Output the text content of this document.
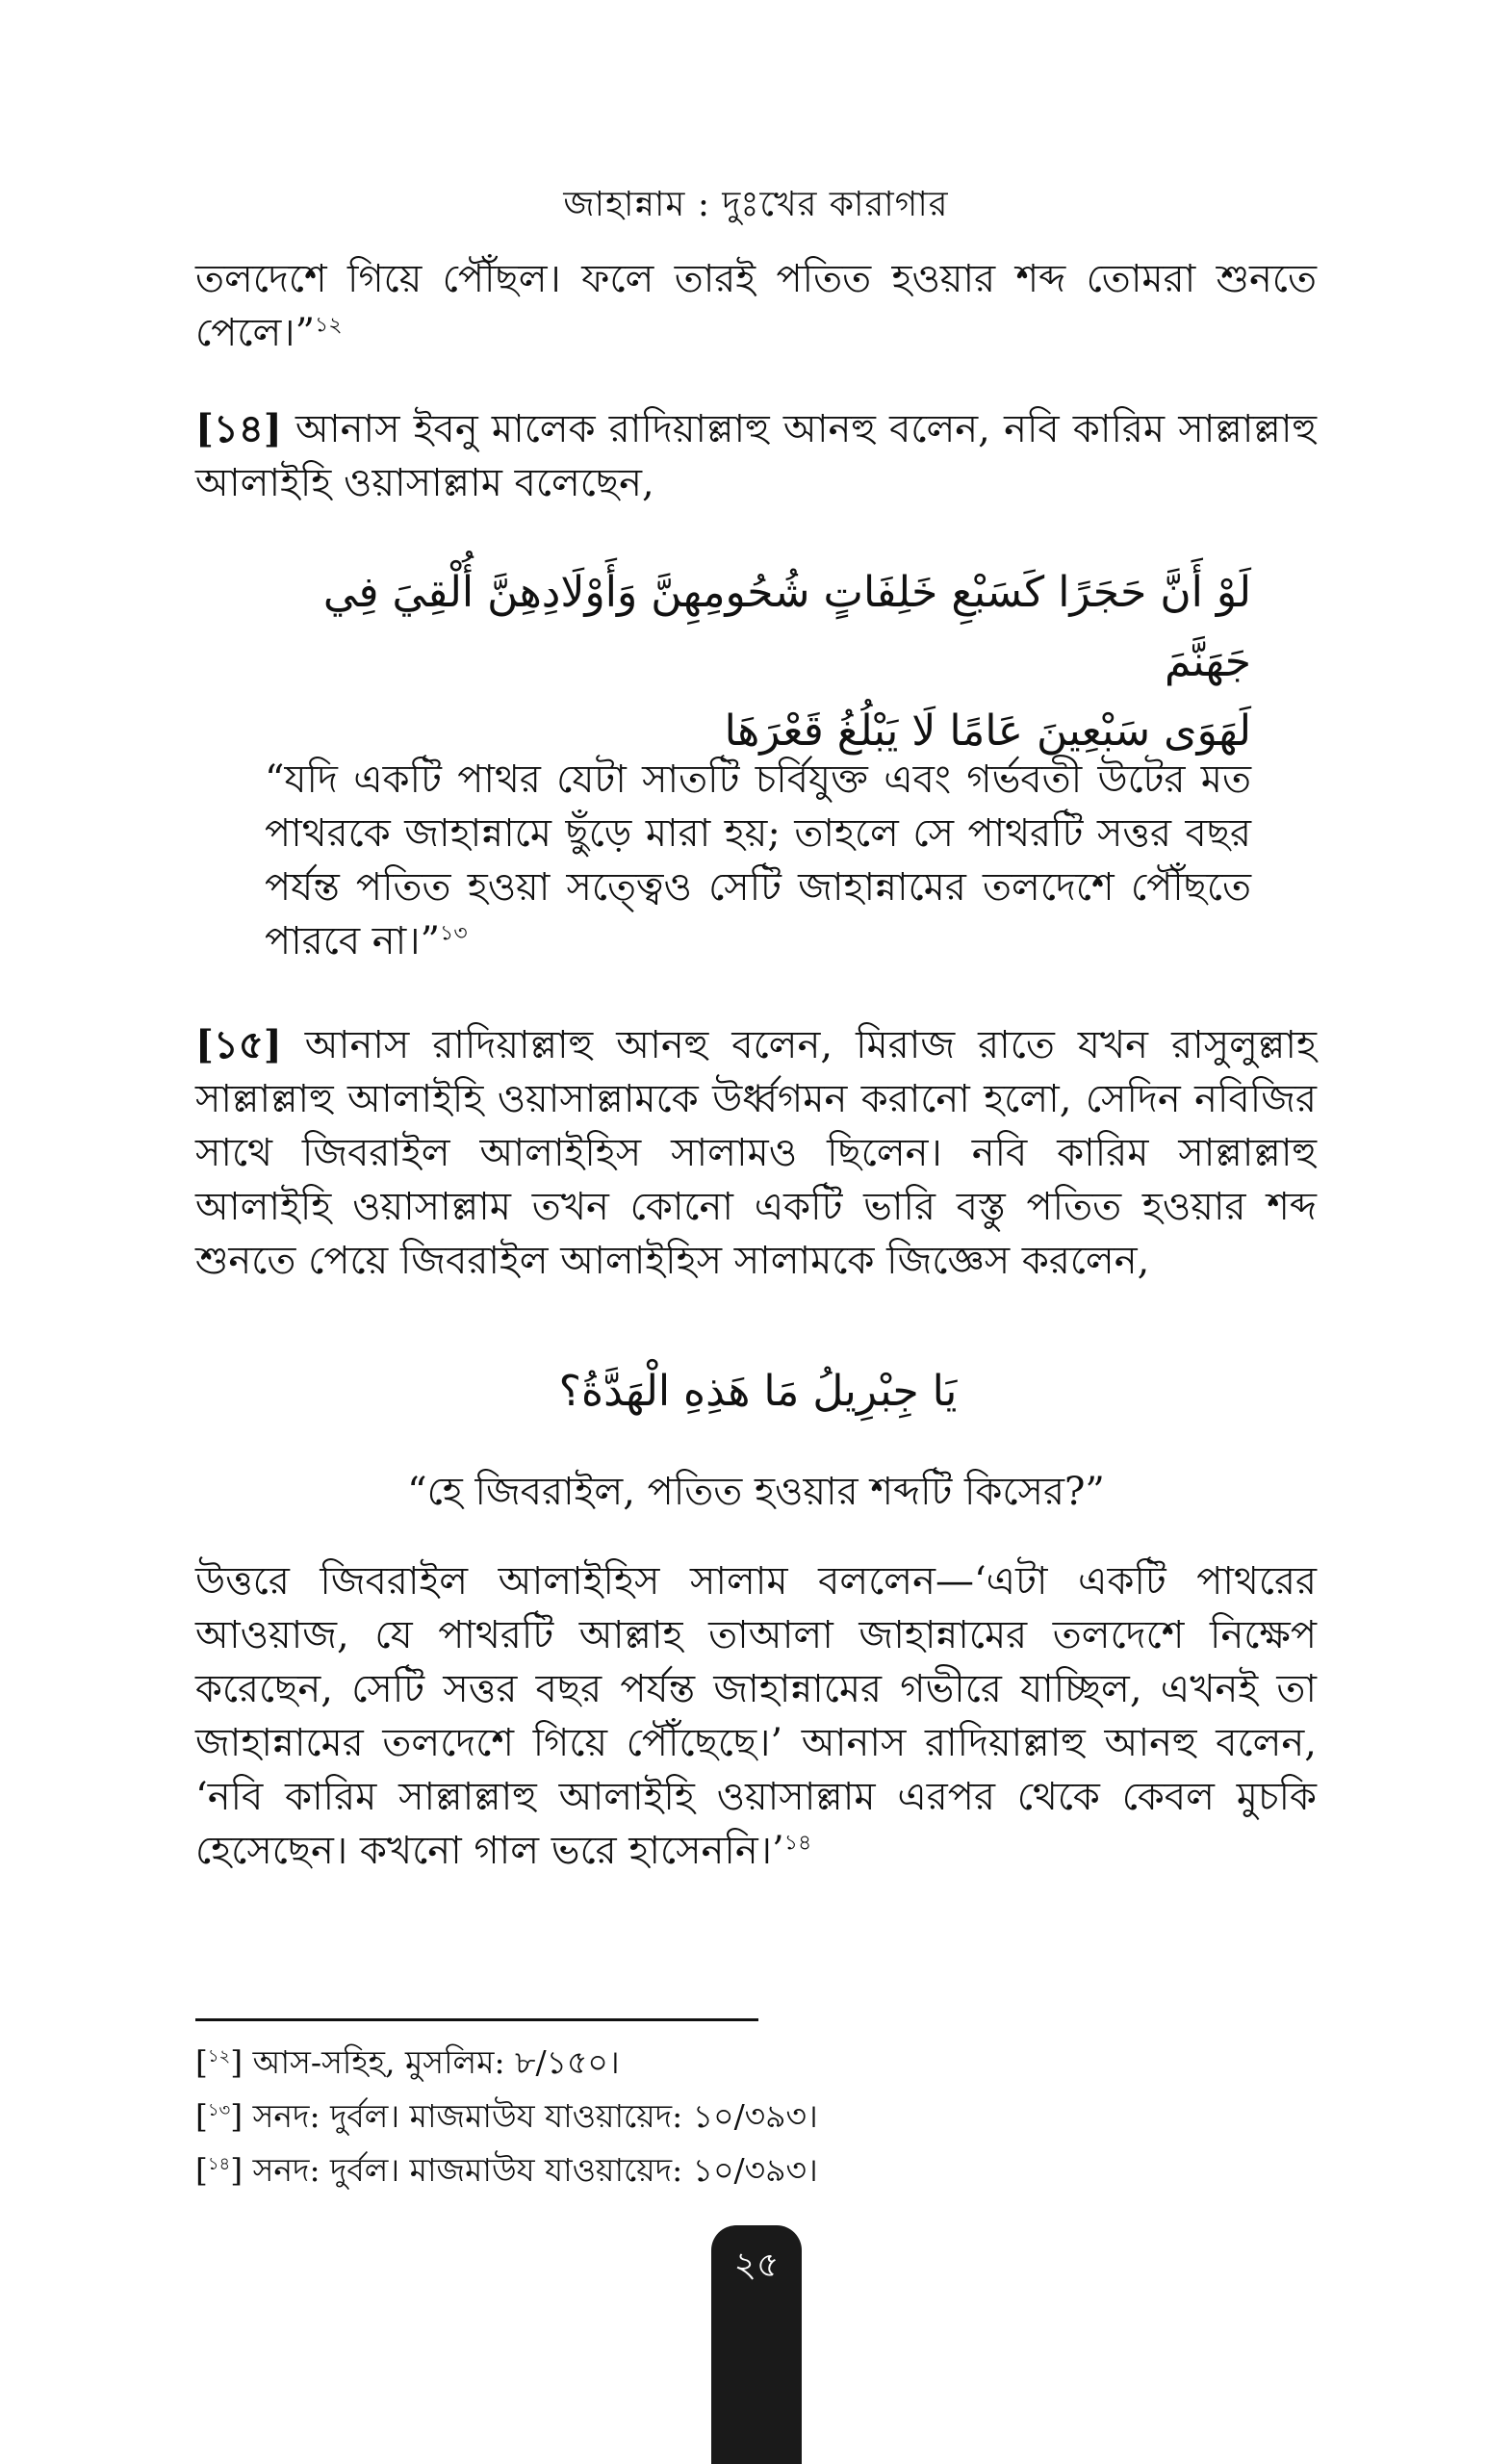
জাহান্নাম : দুঃখের কারাগার
তলদেশে গিয়ে পৌঁছল। ফলে তারই পতিত হওয়ার শব্দ তোমরা শুনতে পেলে।”$^{১২}$
[১৪] আনাস ইবনু মালেক রাদিয়াল্লাহু আনহু বলেন, নবি কারিম সাল্লাল্লাহু আলাইহি ওয়াসাল্লাম বলেছেন,
لَوْ أَنَّ حَجَرًا كَسَبْعِ خَلِفَاتٍ شُحُومِهِنَّ وَأَوْلَادِهِنَّ أُلْقِيَ فِي جَهَنَّمَ
لَهَوَى سَبْعِينَ عَامًا لَا يَبْلُغُ قَعْرَهَا
“যদি একটি পাথর যেটা সাতটি চর্বিযুক্ত এবং গর্ভবতী উটের মত পাথরকে জাহান্নামে ছুঁড়ে মারা হয়; তাহলে সে পাথরটি সত্তর বছর পর্যন্ত পতিত হওয়া সত্ত্বেও সেটি জাহান্নামের তলদেশে পৌঁছতে পারবে না।”$^{১৩}$
[১৫] আনাস রাদিয়াল্লাহু আনহু বলেন, মিরাজ রাতে যখন রাসুলুল্লাহ সাল্লাল্লাহু আলাইহি ওয়াসাল্লামকে উর্ধ্বগমন করানো হলো, সেদিন নবিজির সাথে জিবরাইল আলাইহিস সালামও ছিলেন। নবি কারিম সাল্লাল্লাহু আলাইহি ওয়াসাল্লাম তখন কোনো একটি ভারি বস্তু পতিত হওয়ার শব্দ শুনতে পেয়ে জিবরাইল আলাইহিস সালামকে জিজ্ঞেস করলেন,
يَا جِبْرِيلُ مَا هَذِهِ الْهَدَّةُ؟
“হে জিবরাইল, পতিত হওয়ার শব্দটি কিসের?”
উত্তরে জিবরাইল আলাইহিস সালাম বললেন—‘এটা একটি পাথরের আওয়াজ, যে পাথরটি আল্লাহ তাআলা জাহান্নামের তলদেশে নিক্ষেপ করেছেন, সেটি সত্তর বছর পর্যন্ত জাহান্নামের গভীরে যাচ্ছিল, এখনই তা জাহান্নামের তলদেশে গিয়ে পৌঁছেছে।’ আনাস রাদিয়াল্লাহু আনহু বলেন, ‘নবি কারিম সাল্লাল্লাহু আলাইহি ওয়াসাল্লাম এরপর থেকে কেবল মুচকি হেসেছেন। কখনো গাল ভরে হাসেননি।’$^{১৪}$
[$^{১২}$] আস-সহিহ, মুসলিম: ৮/১৫০।
[$^{১৩}$] সনদ: দুর্বল। মাজমাউয যাওয়ায়েদ: ১০/৩৯৩।
[$^{১৪}$] সনদ: দুর্বল। মাজমাউয যাওয়ায়েদ: ১০/৩৯৩।
২৫
